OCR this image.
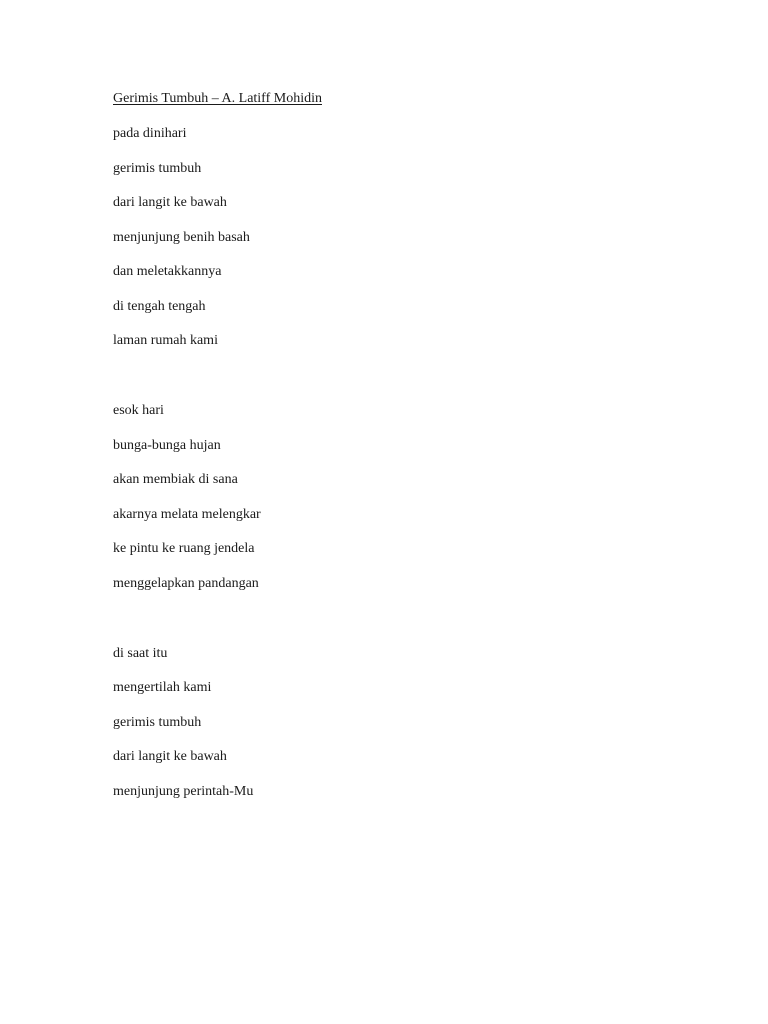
Gerimis Tumbuh – A. Latiff Mohidin
pada dinihari
gerimis tumbuh
dari langit ke bawah
menjunjung benih basah
dan meletakkannya
di tengah tengah
laman rumah kami
esok hari
bunga-bunga hujan
akan membiak di sana
akarnya melata melengkar
ke pintu ke ruang jendela
menggelapkan pandangan
di saat itu
mengertilah kami
gerimis tumbuh
dari langit ke bawah
menjunjung perintah-Mu
